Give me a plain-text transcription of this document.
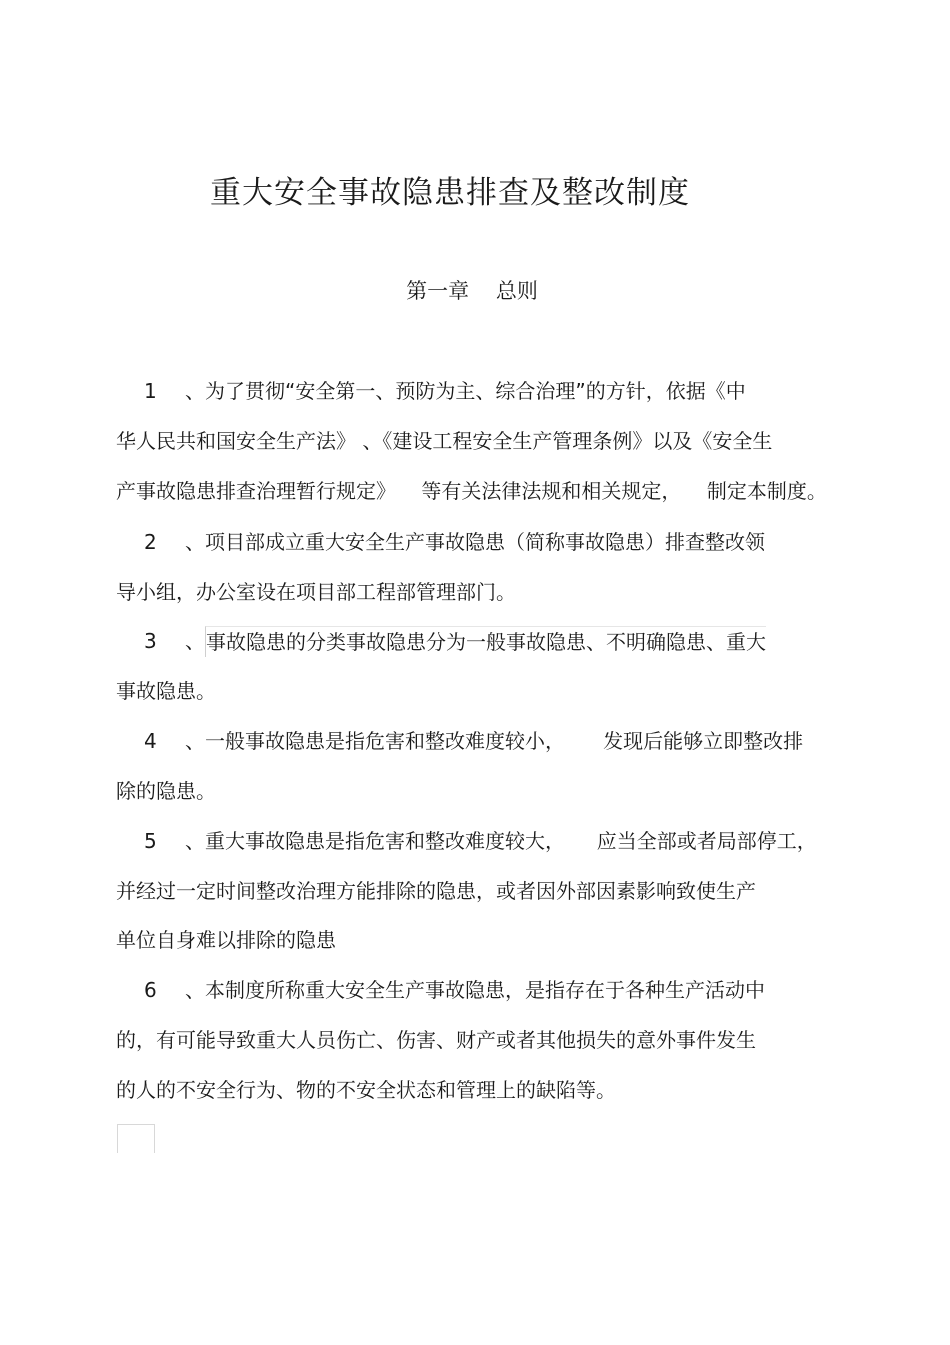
重大安全事故隐患排查及整改制度
第一章    总则
1 、为了贯彻“安全第一、预防为主、综合治理”的方针，依据《中
华人民共和国安全生产法》 、《建设工程安全生产管理条例》以及《安全生
产事故隐患排查治理暂行规定》    等有关法律法规和相关规定，    制定本制度。
2 、项目部成立重大安全生产事故隐患（简称事故隐患）排查整改领
导小组，办公室设在项目部工程部管理部门。
3 、 事故隐患的分类事故隐患分为一般事故隐患、不明确隐患、重大
事故隐患。
4 、一般事故隐患是指危害和整改难度较小，      发现后能够立即整改排
除的隐患。
5 、重大事故隐患是指危害和整改难度较大，     应当全部或者局部停工，
并经过一定时间整改治理方能排除的隐患，或者因外部因素影响致使生产
单位自身难以排除的隐患
6 、本制度所称重大安全生产事故隐患，是指存在于各种生产活动中
的，有可能导致重大人员伤亡、伤害、财产或者其他损失的意外事件发生
的人的不安全行为、物的不安全状态和管理上的缺陷等。
